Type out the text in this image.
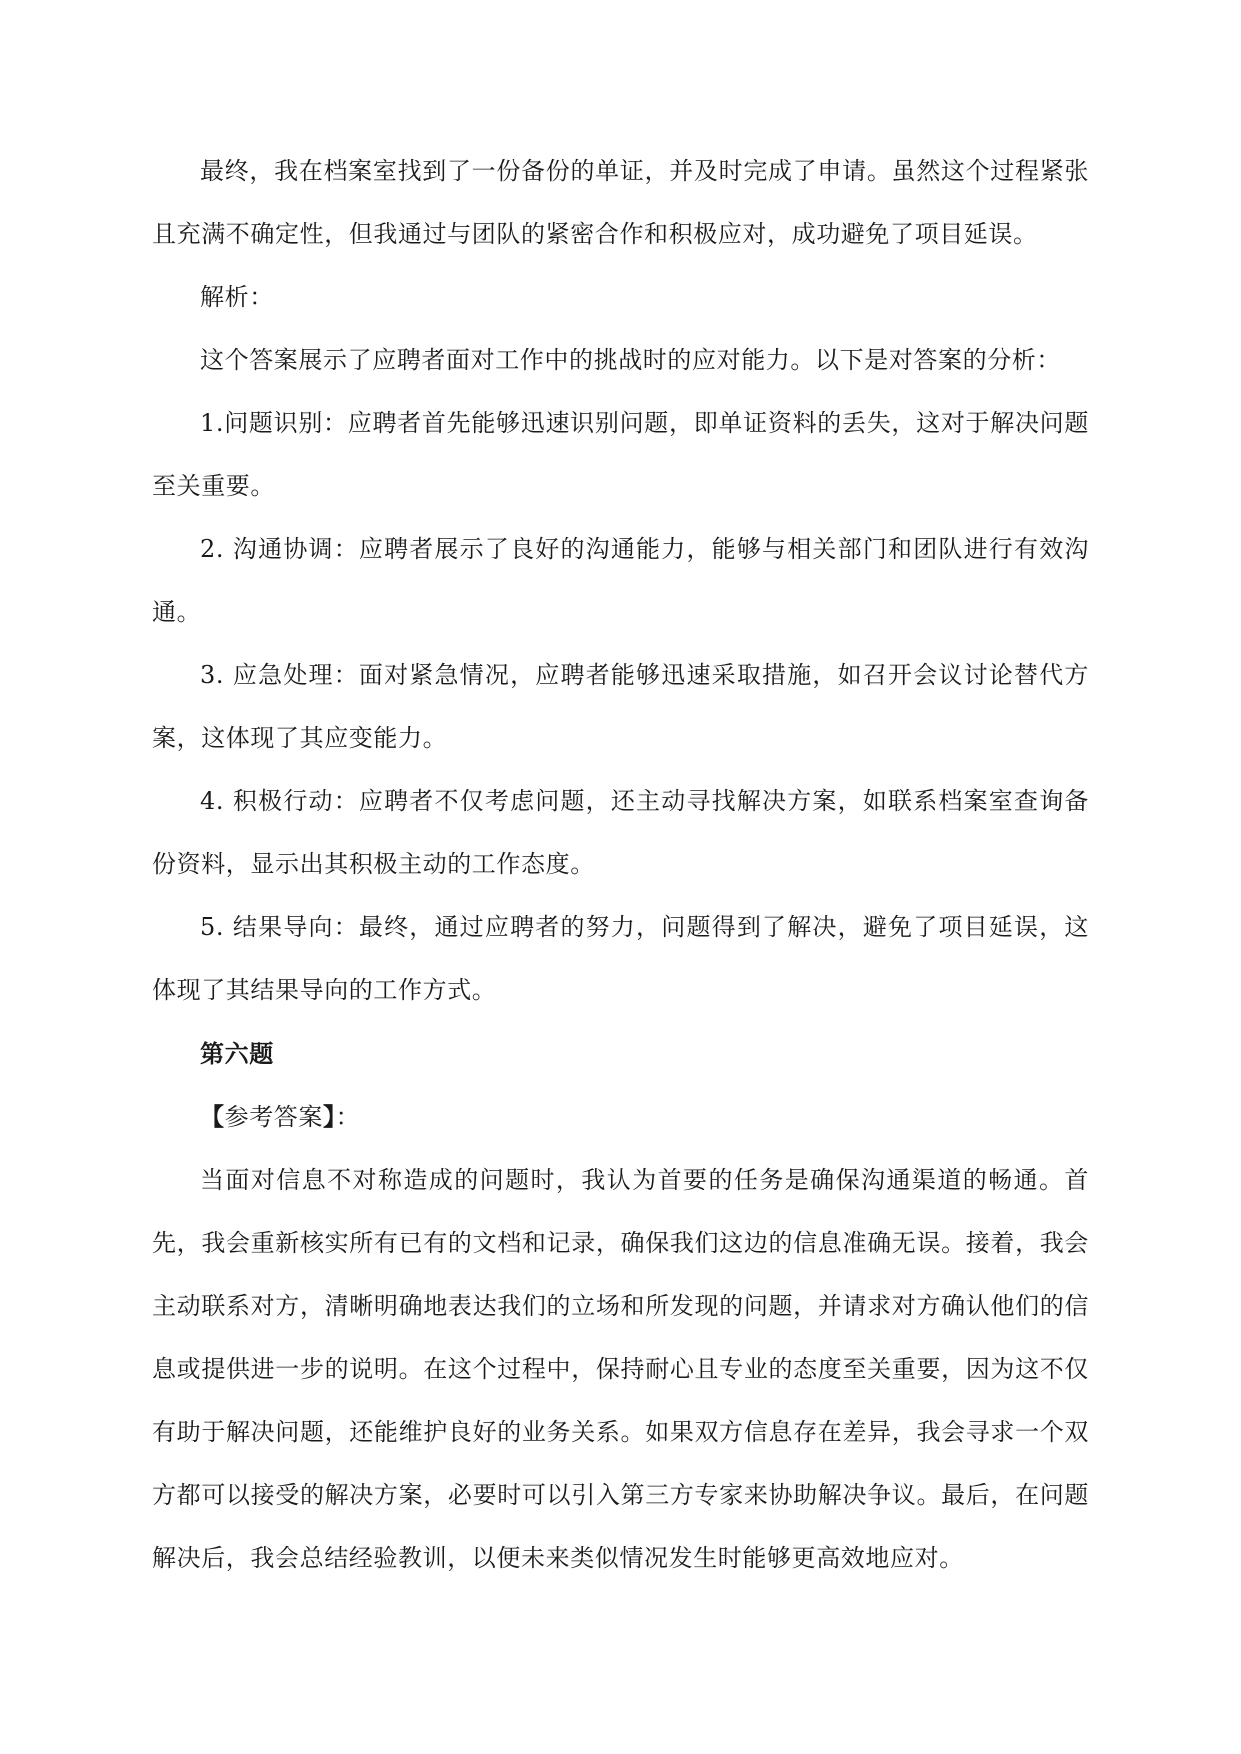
最终，我在档案室找到了一份备份的单证，并及时完成了申请。虽然这个过程紧张且充满不确定性，但我通过与团队的紧密合作和积极应对，成功避免了项目延误。

解析：

这个答案展示了应聘者面对工作中的挑战时的应对能力。以下是对答案的分析：

1.问题识别：应聘者首先能够迅速识别问题，即单证资料的丢失，这对于解决问题至关重要。

2. 沟通协调：应聘者展示了良好的沟通能力，能够与相关部门和团队进行有效沟通。

3. 应急处理：面对紧急情况，应聘者能够迅速采取措施，如召开会议讨论替代方案，这体现了其应变能力。

4. 积极行动：应聘者不仅考虑问题，还主动寻找解决方案，如联系档案室查询备份资料，显示出其积极主动的工作态度。

5. 结果导向：最终，通过应聘者的努力，问题得到了解决，避免了项目延误，这体现了其结果导向的工作方式。

第六题

【参考答案】：

当面对信息不对称造成的问题时，我认为首要的任务是确保沟通渠道的畅通。首先，我会重新核实所有已有的文档和记录，确保我们这边的信息准确无误。接着，我会主动联系对方，清晰明确地表达我们的立场和所发现的问题，并请求对方确认他们的信息或提供进一步的说明。在这个过程中，保持耐心且专业的态度至关重要，因为这不仅有助于解决问题，还能维护良好的业务关系。如果双方信息存在差异，我会寻求一个双方都可以接受的解决方案，必要时可以引入第三方专家来协助解决争议。最后，在问题解决后，我会总结经验教训，以便未来类似情况发生时能够更高效地应对。
